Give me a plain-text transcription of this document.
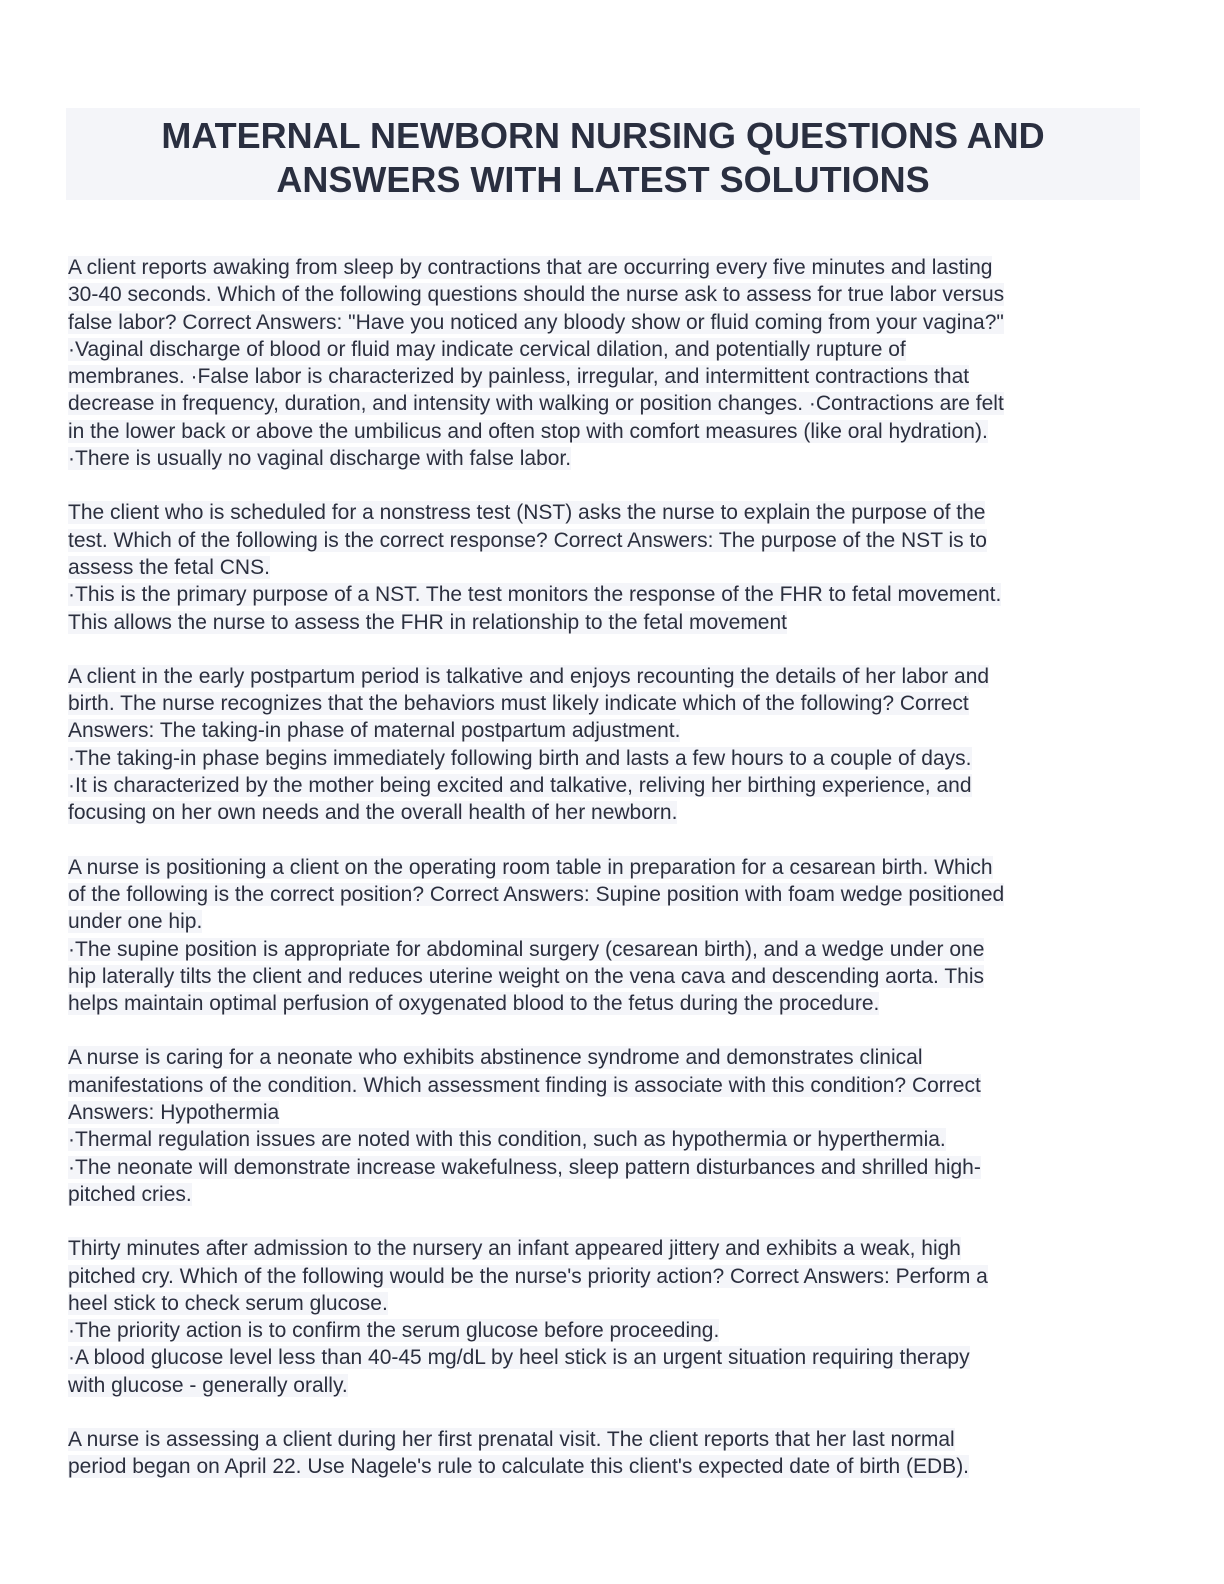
MATERNAL NEWBORN NURSING QUESTIONS AND
ANSWERS WITH LATEST SOLUTIONS
A client reports awaking from sleep by contractions that are occurring every five minutes and lasting
30-40 seconds. Which of the following questions should the nurse ask to assess for true labor versus
false labor? Correct Answers: "Have you noticed any bloody show or fluid coming from your vagina?"
·Vaginal discharge of blood or fluid may indicate cervical dilation, and potentially rupture of
membranes. ·False labor is characterized by painless, irregular, and intermittent contractions that
decrease in frequency, duration, and intensity with walking or position changes. ·Contractions are felt
in the lower back or above the umbilicus and often stop with comfort measures (like oral hydration).
·There is usually no vaginal discharge with false labor.
The client who is scheduled for a nonstress test (NST) asks the nurse to explain the purpose of the
test. Which of the following is the correct response? Correct Answers: The purpose of the NST is to
assess the fetal CNS.
·This is the primary purpose of a NST. The test monitors the response of the FHR to fetal movement.
This allows the nurse to assess the FHR in relationship to the fetal movement
A client in the early postpartum period is talkative and enjoys recounting the details of her labor and
birth. The nurse recognizes that the behaviors must likely indicate which of the following? Correct
Answers: The taking-in phase of maternal postpartum adjustment.
·The taking-in phase begins immediately following birth and lasts a few hours to a couple of days.
·It is characterized by the mother being excited and talkative, reliving her birthing experience, and
focusing on her own needs and the overall health of her newborn.
A nurse is positioning a client on the operating room table in preparation for a cesarean birth. Which
of the following is the correct position? Correct Answers: Supine position with foam wedge positioned
under one hip.
·The supine position is appropriate for abdominal surgery (cesarean birth), and a wedge under one
hip laterally tilts the client and reduces uterine weight on the vena cava and descending aorta. This
helps maintain optimal perfusion of oxygenated blood to the fetus during the procedure.
A nurse is caring for a neonate who exhibits abstinence syndrome and demonstrates clinical
manifestations of the condition. Which assessment finding is associate with this condition? Correct
Answers: Hypothermia
·Thermal regulation issues are noted with this condition, such as hypothermia or hyperthermia.
·The neonate will demonstrate increase wakefulness, sleep pattern disturbances and shrilled high-
pitched cries.
Thirty minutes after admission to the nursery an infant appeared jittery and exhibits a weak, high
pitched cry. Which of the following would be the nurse's priority action? Correct Answers: Perform a
heel stick to check serum glucose.
·The priority action is to confirm the serum glucose before proceeding.
·A blood glucose level less than 40-45 mg/dL by heel stick is an urgent situation requiring therapy
with glucose - generally orally.
A nurse is assessing a client during her first prenatal visit. The client reports that her last normal
period began on April 22. Use Nagele's rule to calculate this client's expected date of birth (EDB).
